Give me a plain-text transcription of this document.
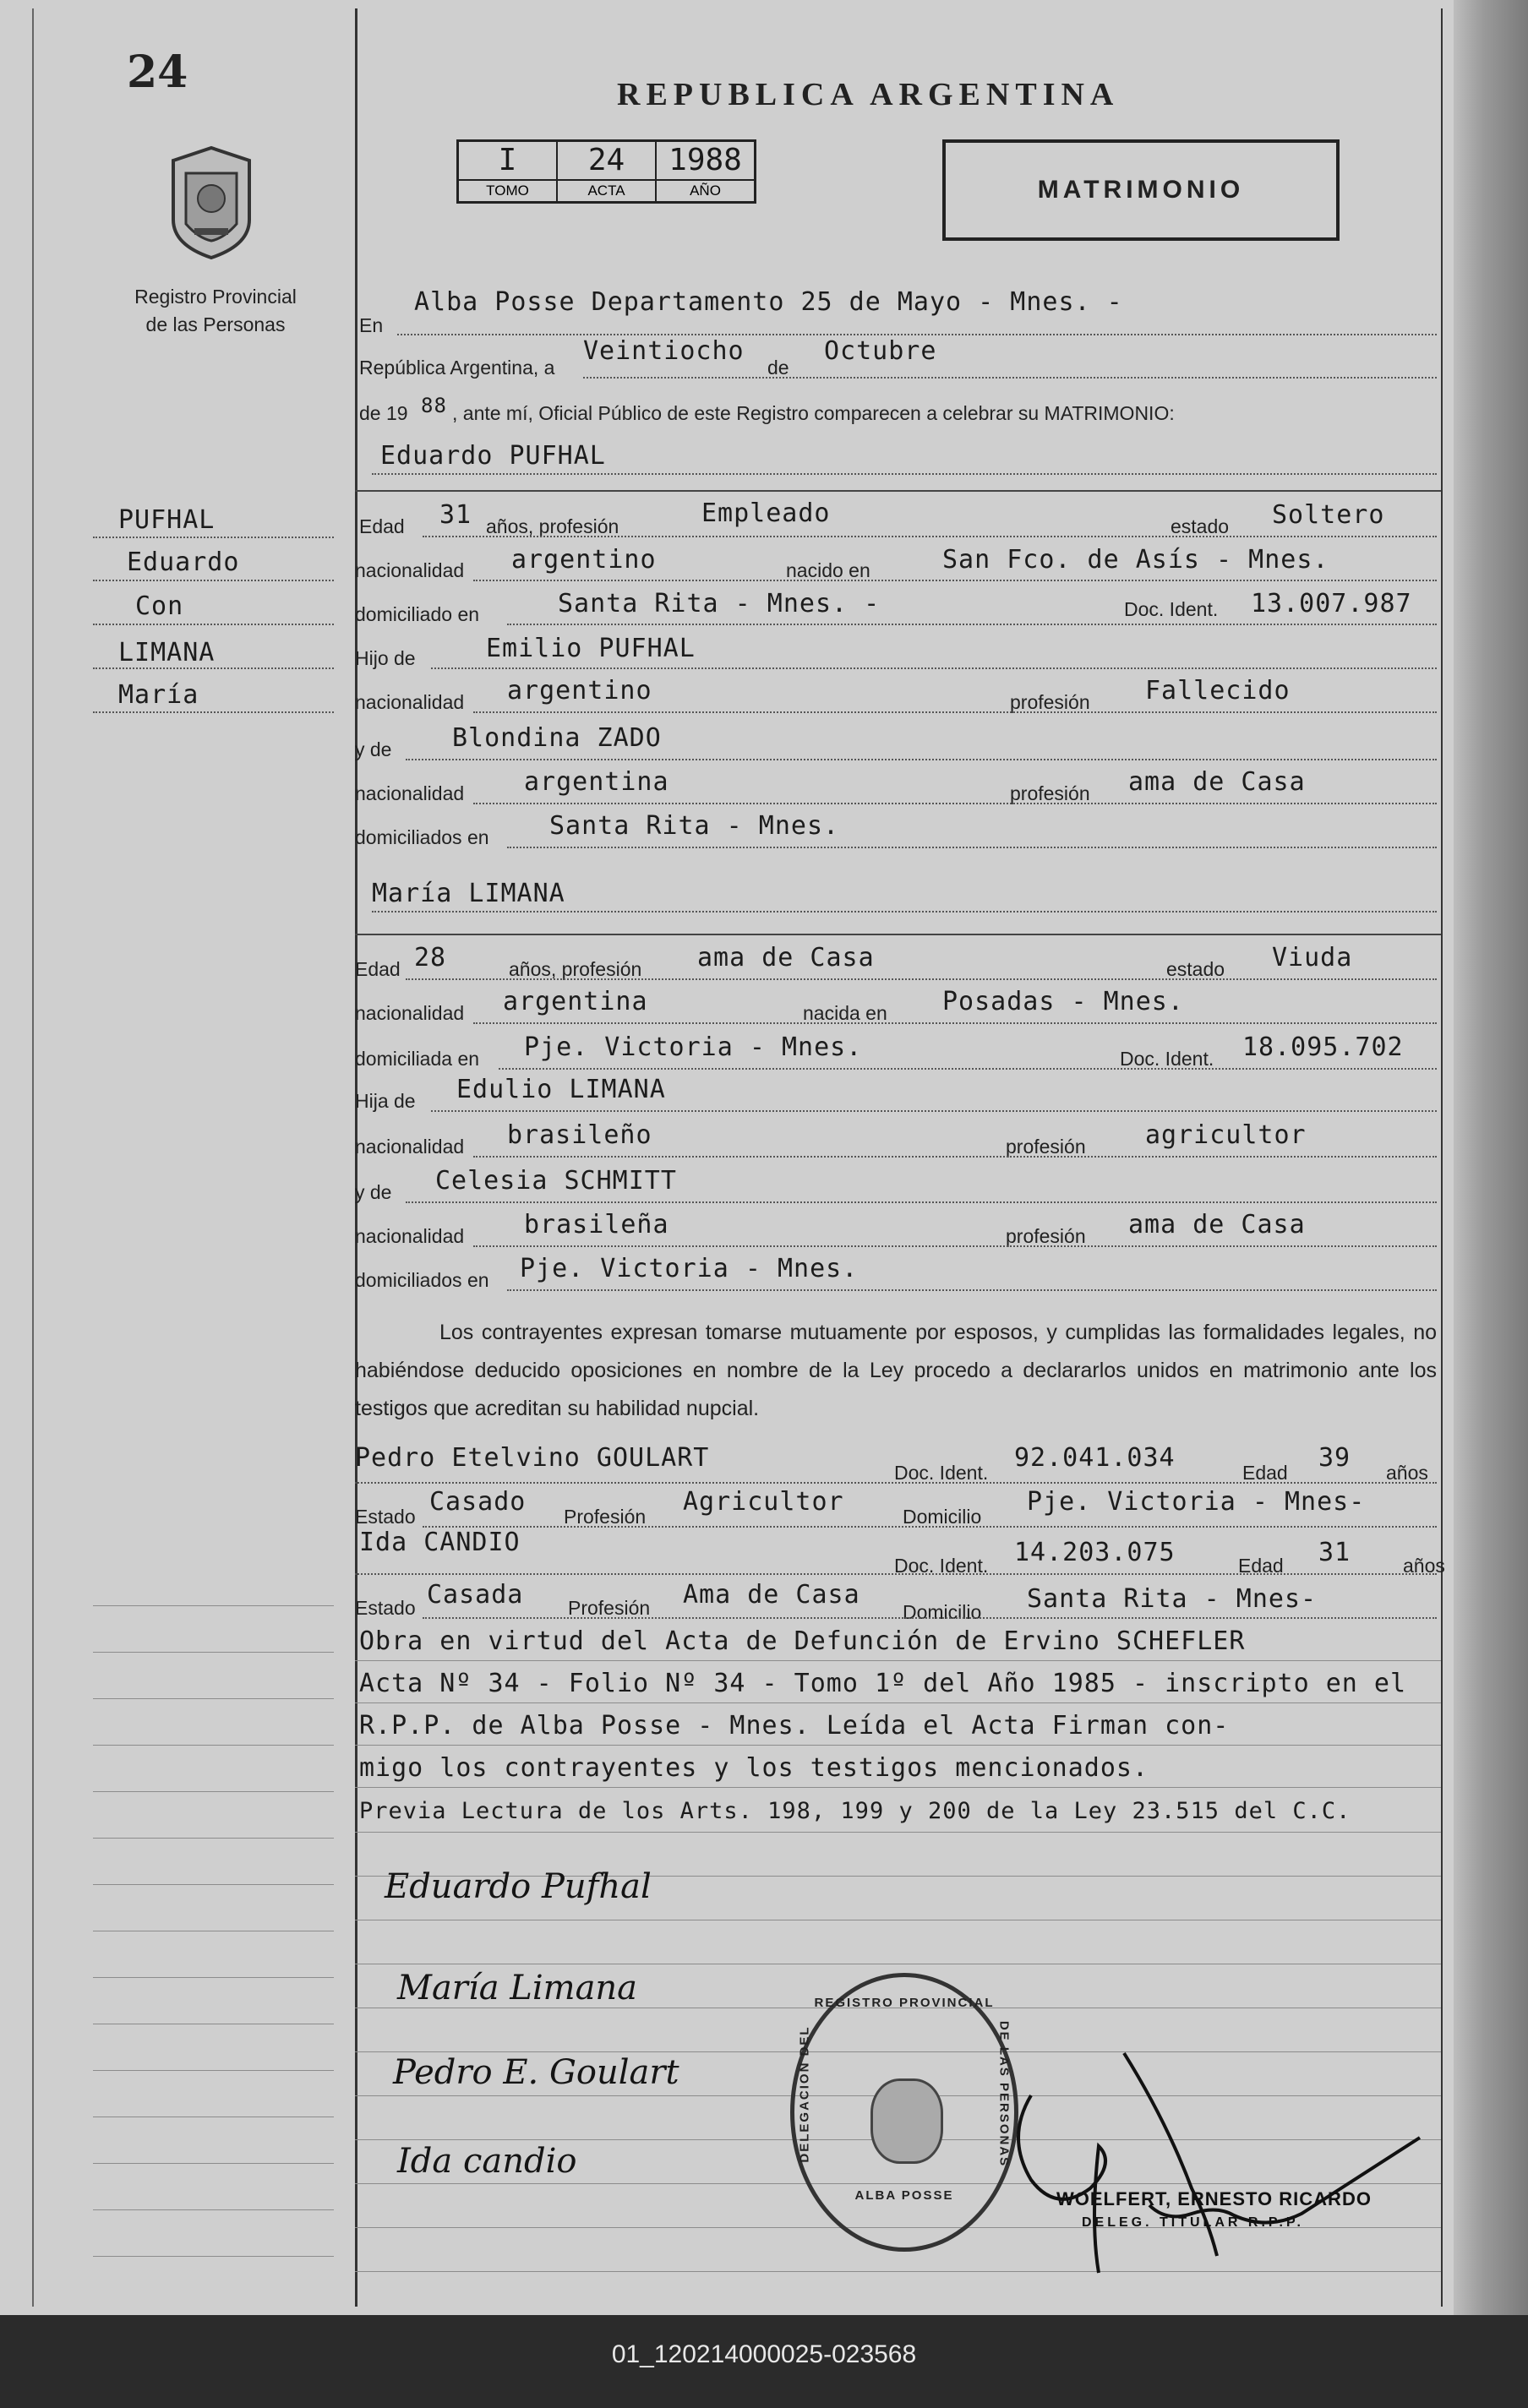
24	REPUBLICA ARGENTINA
Registro Provincial
de las Personas
I
TOMO

24
ACTA

1988
AÑO	MATRIMONIO
PUFHAL
Eduardo
Con
LIMANA
María
En
Alba Posse Departamento 25 de Mayo - Mnes. -
República Argentina, a
Veintiocho
de
Octubre
de 19 88 , ante mí, Oficial Público de este Registro comparecen a celebrar su MATRIMONIO:
Eduardo PUFHAL
Edad 31 años, profesión	Empleado	estado Soltero
nacionalidad argentino	nacido en	San Fco. de Asís - Mnes.
domiciliado en	Santa Rita - Mnes. -	Doc. Ident. 13.007.987
Hijo de	Emilio PUFHAL
nacionalidad argentino	profesión Fallecido
y de Blondina ZADO
nacionalidad argentina	profesión ama de Casa
domiciliados en Santa Rita - Mnes.
María LIMANA
Edad 28	años, profesión ama de Casa	estado Viuda
nacionalidad argentina	nacida en Posadas - Mnes.
domiciliada en Pje. Victoria - Mnes.	Doc. Ident. 18.095.702
Hija de Edulio LIMANA
nacionalidad brasileño	profesión agricultor
y de Celesia SCHMITT
nacionalidad brasileña	profesión ama de Casa
domiciliados en Pje. Victoria - Mnes.
Los contrayentes expresan tomarse mutuamente por esposos, y cumplidas las formalidades legales, no habiéndose deducido oposiciones en nombre de la Ley procedo a declararlos unidos en matrimonio ante los testigos que acreditan su habilidad nupcial.
Pedro Etelvino GOULART	Doc. Ident. 92.041.034	Edad 39 años
Estado Casado Profesión Agricultor	Domicilio Pje. Victoria - Mnes-
Ida CANDIO
Doc. Ident. 14.203.075	Edad 31	años
Estado Casada Profesión Ama de Casa
Domicilio Santa Rita - Mnes-
Obra en virtud del Acta de Defunción de Ervino SCHEFLER
Acta Nº 34 - Folio Nº 34 - Tomo 1º del Año 1985 - inscripto en el
R.P.P. de Alba Posse - Mnes. Leída el Acta Firman con-
migo los contrayentes y los testigos mencionados.
Previa Lectura de los Arts. 198, 199 y 200 de la Ley 23.515 del C.C.
Eduardo Pufhal
María Limana
Pedro E. Goulart
Ida candio
REGISTRO PROVINCIAL
DELEGACION DEL	DE LAS PERSONAS
ALBA POSSE	WOELFERT, ERNESTO RICARDO
DELEG. TITULAR R.P.P.
01_120214000025-023568
